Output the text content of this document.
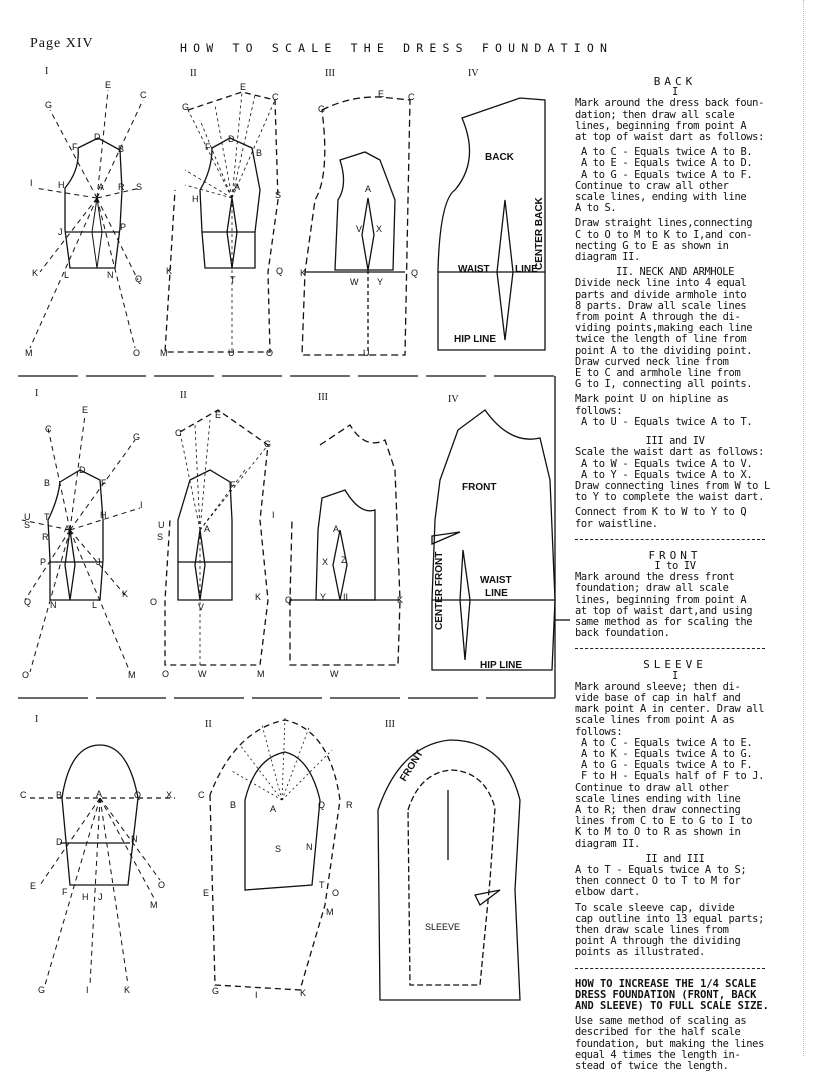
Page XIV	HOW TO SCALE THE DRESS FOUNDATION
G
E
C
F
D
B
I	H	A R S
J	P
K	L	N Q
M	O
G
E
C
F
D
B
H
A
S
K
T
Q
M	U	O
G
E	C
A
V X
K
W Y
Q
U
BACK
CENTER BACK
WAIST	LINE
HIP LINE
C
E
G
B
D
F
I
U T
S
R
A
H
P	J
K
Q N	L
O	M
C
E
G
F
U
S
A
I
O	K
V
O	W	M
A
X Z
Y II
Q	K
W
FRONT
CENTER FRONT	WAIST
LINE
HIP LINE
C	B	A	Q	X
D	N
E	O
F H J
M
G	I	K
C
B	A	Q R
S	N
E
T
O
M
G	I	K
FRONT
SLEEVE
I	II	III	IV
I	II	III	IV
I	II	III

BACK

I

Mark around the dress back foun-
dation; then draw all scale
lines, beginning from point A
at top of waist dart as follows:

A to C - Equals twice A to B.

A to E - Equals twice A to D.

A to G - Equals twice A to F.

Continue to craw all other
scale lines, ending with line
A to S.

Draw straight lines,connecting
C to O to M to K to I,and con-
necting G to E as shown in
diagram II.

II. NECK AND ARMHOLE

Divide neck line into 4 equal
parts and divide armhole into
8 parts. Draw all scale lines
from point A through the di-
viding points,making each line
twice the length of line from
point A to the dividing point.
Draw curved neck line from
E to C and armhole line from
G to I, connecting all points.

Mark point U on hipline as
follows:

A to U - Equals twice A to T.

III and IV

Scale the waist dart as follows:

A to W - Equals twice A to V.

A to Y - Equals twice A to X.

Draw connecting lines from W to L
to Y to complete the waist dart.

Connect from K to W to Y to Q
for waistline.

FRONT

I to IV

Mark around the dress front
foundation; draw all scale
lines, beginning from point A
at top of waist dart,and using
same method as for scaling the
back foundation.

SLEEVE

I

Mark around sleeve; then di-
vide base of cap in half and
mark point A in center. Draw all
scale lines from point A as
follows:

A to C - Equals twice A to E.

A to K - Equals twice A to G.

A to G - Equals twice A to F.

F to H - Equals half of F to J.

Continue to draw all other
scale lines ending with line
A to R; then draw connecting
lines from C to E to G to I to
K to M to O to R as shown in
diagram II.

II and III

A to T - Equals twice A to S;
then connect O to T to M for
elbow dart.

To scale sleeve cap, divide
cap outline into 13 equal parts;
then draw scale lines from
point A through the dividing
points as illustrated.

HOW TO INCREASE THE 1/4 SCALE
DRESS FOUNDATION (FRONT, BACK
AND SLEEVE) TO FULL SCALE SIZE.

Use same method of scaling as
described for the half scale
foundation, but making the lines
equal 4 times the length in-
stead of twice the length.
